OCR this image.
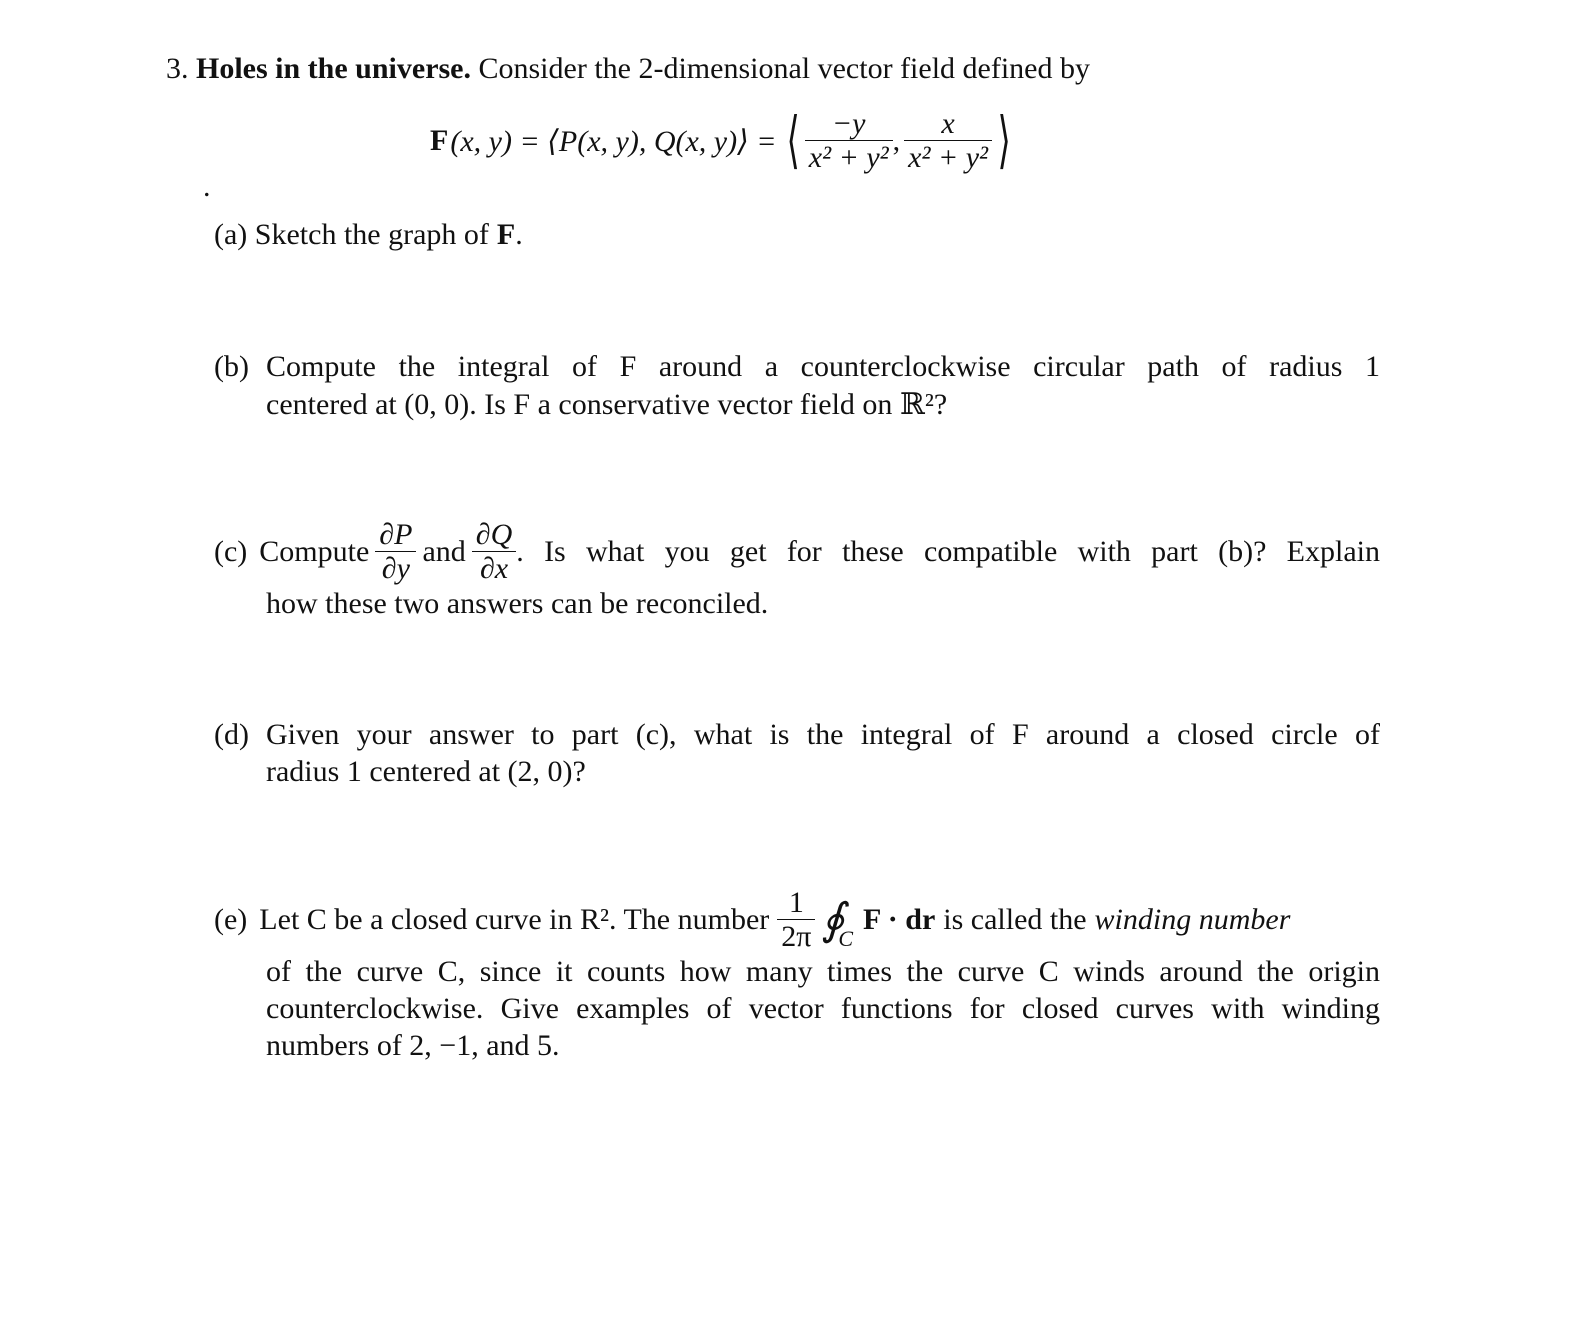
3. Holes in the universe. Consider the 2-dimensional vector field defined by
F (x, y) = ⟨P(x, y), Q(x, y)⟩ = ⟨ $\frac{-y}{\text{x² + y²}}$ , $\frac{x}{\text{x² + y²}}$ ⟩
.
(a) Sketch the graph of F.
(b) Compute the integral of F around a counterclockwise circular path of radius 1
centered at (0, 0). Is F a conservative vector field on ℝ²?
(c) Compute $\frac{\partial P}{\partial y}$ and $\frac{\partial Q}{\partial x}$ . Is what you get for these compatible with part (b)? Explain
how these two answers can be reconciled.
(d) Given your answer to part (c), what is the integral of F around a closed circle of
radius 1 centered at (2, 0)?
(e) Let C be a closed curve in R². The number $\frac{1}{2\pi}$ ∮
C
F · dr is called the winding number
of the curve C, since it counts how many times the curve C winds around the origin
counterclockwise. Give examples of vector functions for closed curves with winding
numbers of 2, −1, and 5.
